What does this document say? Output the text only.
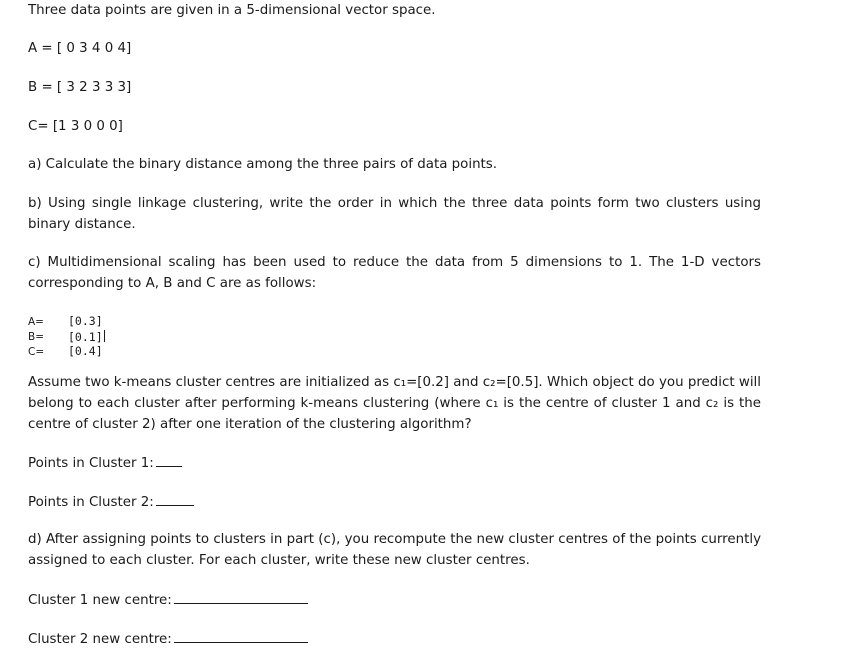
Three data points are given in a 5-dimensional vector space.
A = [ 0 3 4 0 4]
B = [ 3 2 3 3 3]
C= [1 3 0 0 0]
a) Calculate the binary distance among the three pairs of data points.
b) Using single linkage clustering, write the order in which the three data points form two clusters using binary distance.
c) Multidimensional scaling has been used to reduce the data from 5 dimensions to 1. The 1-D vectors corresponding to A, B and C are as follows:
A= [0.3]
B= [0.1]
C= [0.4]
Assume two k-means cluster centres are initialized as c₁=[0.2] and c₂=[0.5]. Which object do you predict will belong to each cluster after performing k-means clustering (where c₁ is the centre of cluster 1 and c₂ is the centre of cluster 2) after one iteration of the clustering algorithm?
Points in Cluster 1:
Points in Cluster 2:
d) After assigning points to clusters in part (c), you recompute the new cluster centres of the points currently assigned to each cluster. For each cluster, write these new cluster centres.
Cluster 1 new centre:
Cluster 2 new centre:
